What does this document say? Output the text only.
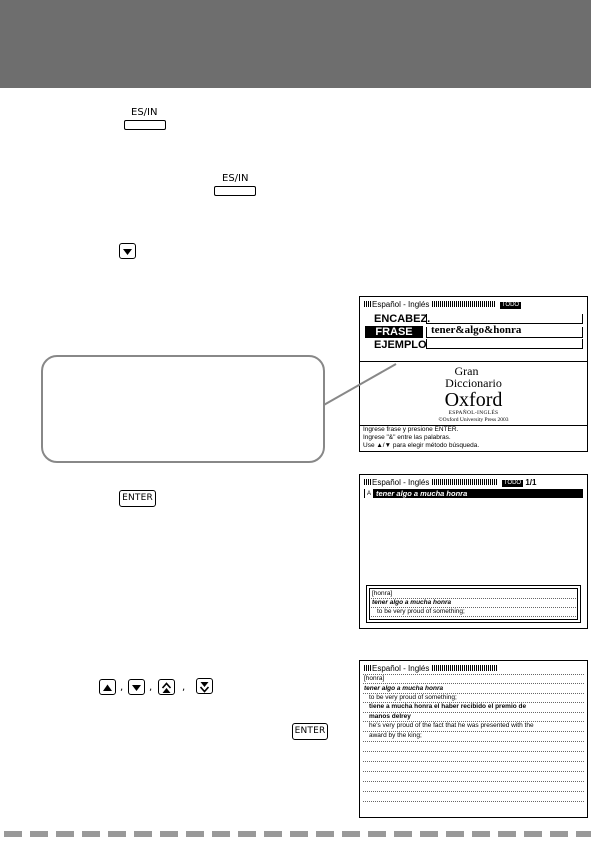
ES/IN
ES/IN
Español - Inglés	TODO
ENCABEZ.
FRASE
EJEMPLO
tener&algo&honra
Gran
Diccionario
Oxford
ESPAÑOL-INGLÉS
©Oxford University Press 2003
Ingrese frase y presione ENTER.
Ingrese "&" entre las palabras.
Use ▲/▼ para elegir método búsqueda.
ENTER
Español - Inglés	TODO 1/1
A tener algo a mucha honra
[honra]
tener algo a mucha honra
to be very proud of something;
,	,	,
ENTER
Español - Inglés
[honra]
tener algo a mucha honra
to be very proud of something;
tiene a mucha honra el haber recibido el premio de
manos delrey
he's very proud of the fact that he was presented with the
award by the king;
